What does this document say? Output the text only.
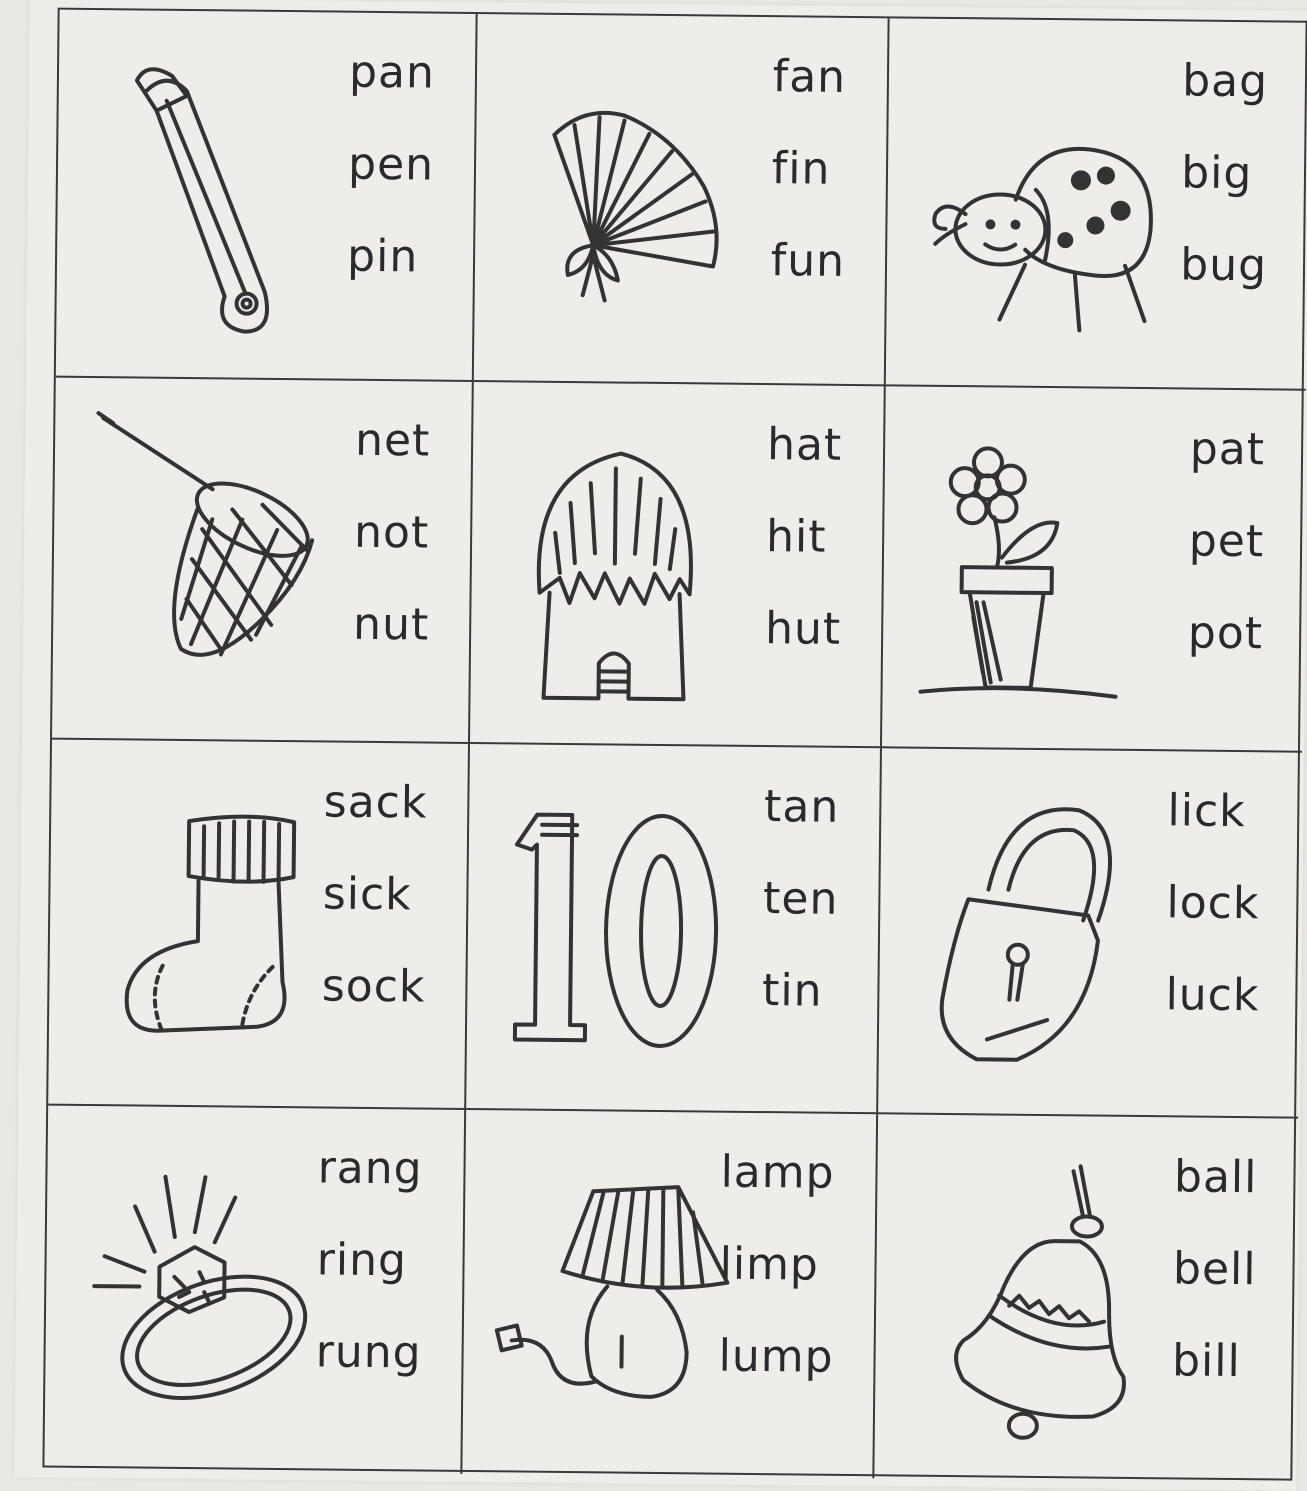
pan
pen
pin
fan
fin
fun
bag
big
bug
net
not
nut
hat
hit
hut
pat
pet
pot
sack
sick
sock
tan
ten
tin
lick
lock
luck
rang
ring
rung
lamp
limp
lump
ball
bell
bill
